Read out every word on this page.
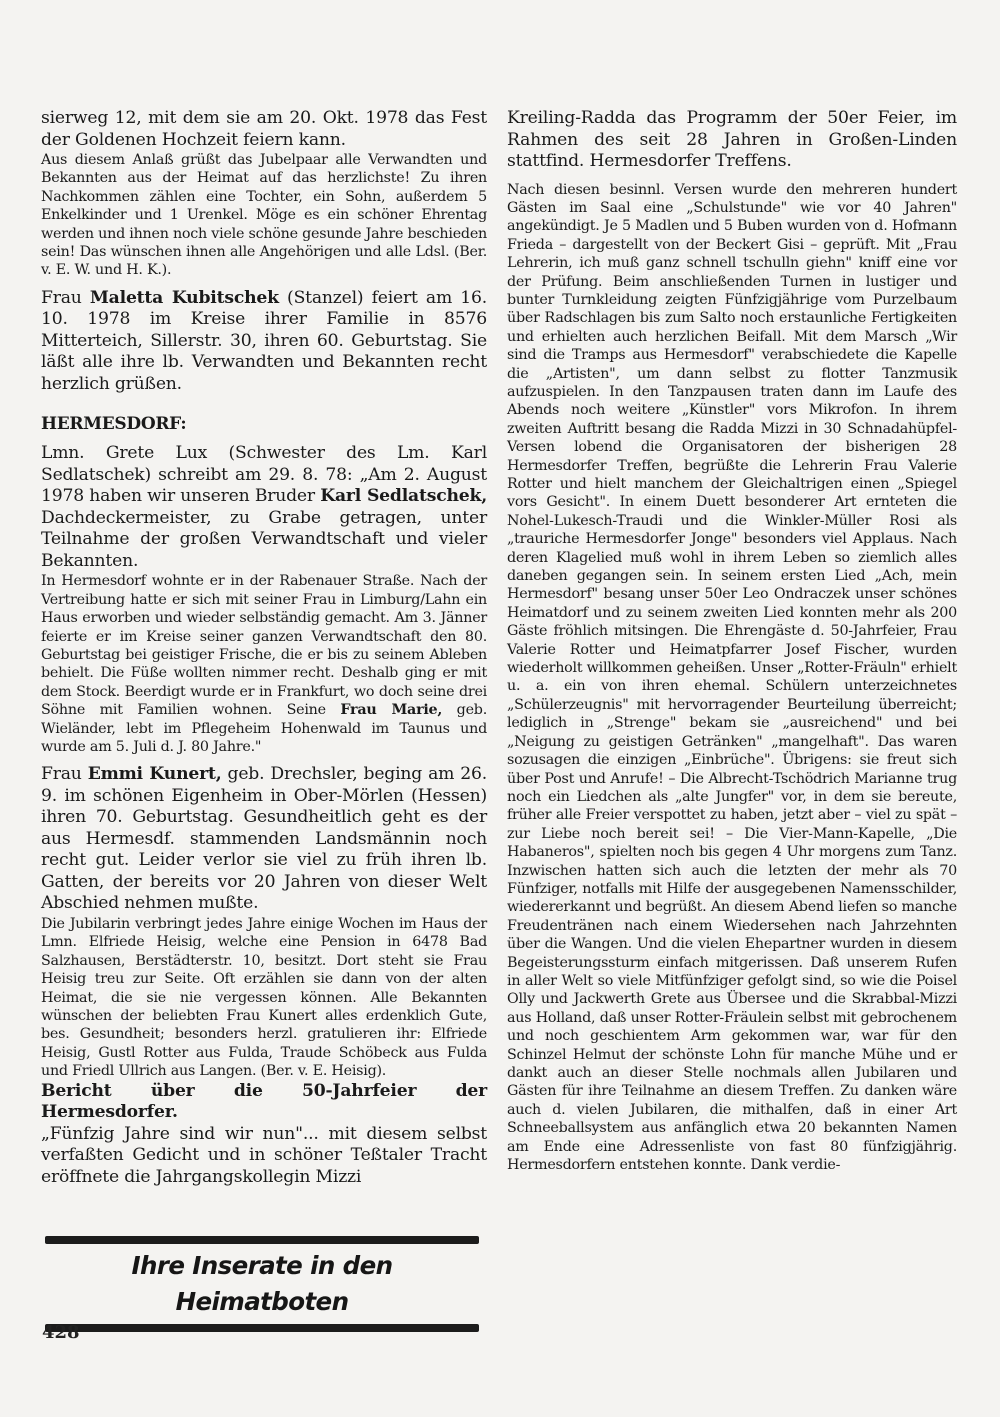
sierweg 12, mit dem sie am 20. Okt. 1978 das Fest der Goldenen Hochzeit feiern kann.

Aus diesem Anlaß grüßt das Jubelpaar alle Verwandten und Bekannten aus der Heimat auf das herzlichste! Zu ihren Nachkommen zählen eine Tochter, ein Sohn, außerdem 5 Enkelkinder und 1 Urenkel. Möge es ein schöner Ehrentag werden und ihnen noch viele schöne gesunde Jahre beschieden sein! Das wünschen ihnen alle Angehörigen und alle Ldsl. (Ber. v. E. W. und H. K.).

Frau Maletta Kubitschek (Stanzel) feiert am 16. 10. 1978 im Kreise ihrer Familie in 8576 Mitterteich, Sillerstr. 30, ihren 60. Geburtstag. Sie läßt alle ihre lb. Verwandten und Bekannten recht herzlich grüßen.

HERMESDORF:

Lmn. Grete Lux (Schwester des Lm. Karl Sedlatschek) schreibt am 29. 8. 78: „Am 2. August 1978 haben wir unseren Bruder Karl Sedlatschek, Dachdeckermeister, zu Grabe getragen, unter Teilnahme der großen Verwandtschaft und vieler Bekannten.

In Hermesdorf wohnte er in der Rabenauer Straße. Nach der Vertreibung hatte er sich mit seiner Frau in Limburg/Lahn ein Haus erworben und wieder selbständig gemacht. Am 3. Jänner feierte er im Kreise seiner ganzen Verwandtschaft den 80. Geburtstag bei geistiger Frische, die er bis zu seinem Ableben behielt. Die Füße wollten nimmer recht. Deshalb ging er mit dem Stock. Beerdigt wurde er in Frankfurt, wo doch seine drei Söhne mit Familien wohnen. Seine Frau Marie, geb. Wieländer, lebt im Pflegeheim Hohenwald im Taunus und wurde am 5. Juli d. J. 80 Jahre."

Frau Emmi Kunert, geb. Drechsler, beging am 26. 9. im schönen Eigenheim in Ober-Mörlen (Hessen) ihren 70. Geburtstag. Gesundheitlich geht es der aus Hermesdf. stammenden Landsmännin noch recht gut. Leider verlor sie viel zu früh ihren lb. Gatten, der bereits vor 20 Jahren von dieser Welt Abschied nehmen mußte.

Die Jubilarin verbringt jedes Jahre einige Wochen im Haus der Lmn. Elfriede Heisig, welche eine Pension in 6478 Bad Salzhausen, Berstädterstr. 10, besitzt. Dort steht sie Frau Heisig treu zur Seite. Oft erzählen sie dann von der alten Heimat, die sie nie vergessen können. Alle Bekannten wünschen der beliebten Frau Kunert alles erdenklich Gute, bes. Gesundheit; besonders herzl. gratulieren ihr: Elfriede Heisig, Gustl Rotter aus Fulda, Traude Schöbeck aus Fulda und Friedl Ullrich aus Langen. (Ber. v. E. Heisig).

Bericht über die 50-Jahrfeier der Hermesdorfer.

„Fünfzig Jahre sind wir nun"... mit diesem selbst verfaßten Gedicht und in schöner Teßtaler Tracht eröffnete die Jahrgangskollegin Mizzi

Ihre Inserate in den Heimatboten
428

Kreiling-Radda das Programm der 50er Feier, im Rahmen des seit 28 Jahren in Großen-Linden stattfind. Hermesdorfer Treffens.

Nach diesen besinnl. Versen wurde den mehreren hundert Gästen im Saal eine „Schulstunde" wie vor 40 Jahren" angekündigt. Je 5 Madlen und 5 Buben wurden von d. Hofmann Frieda – dargestellt von der Beckert Gisi – geprüft. Mit „Frau Lehrerin, ich muß ganz schnell tschulln giehn" kniff eine vor der Prüfung. Beim anschließenden Turnen in lustiger und bunter Turnkleidung zeigten Fünfzigjährige vom Purzelbaum über Radschlagen bis zum Salto noch erstaunliche Fertigkeiten und erhielten auch herzlichen Beifall. Mit dem Marsch „Wir sind die Tramps aus Hermesdorf" verabschiedete die Kapelle die „Artisten", um dann selbst zu flotter Tanzmusik aufzuspielen. In den Tanzpausen traten dann im Laufe des Abends noch weitere „Künstler" vors Mikrofon. In ihrem zweiten Auftritt besang die Radda Mizzi in 30 Schnadahüpfel-Versen lobend die Organisatoren der bisherigen 28 Hermesdorfer Treffen, begrüßte die Lehrerin Frau Valerie Rotter und hielt manchem der Gleichaltrigen einen „Spiegel vors Gesicht". In einem Duett besonderer Art ernteten die Nohel-Lukesch-Traudi und die Winkler-Müller Rosi als „trauriche Hermesdorfer Jonge" besonders viel Applaus. Nach deren Klagelied muß wohl in ihrem Leben so ziemlich alles daneben gegangen sein. In seinem ersten Lied „Ach, mein Hermesdorf" besang unser 50er Leo Ondraczek unser schönes Heimatdorf und zu seinem zweiten Lied konnten mehr als 200 Gäste fröhlich mitsingen. Die Ehrengäste d. 50-Jahrfeier, Frau Valerie Rotter und Heimatpfarrer Josef Fischer, wurden wiederholt willkommen geheißen. Unser „Rotter-Fräuln" erhielt u. a. ein von ihren ehemal. Schülern unterzeichnetes „Schülerzeugnis" mit hervorragender Beurteilung überreicht; lediglich in „Strenge" bekam sie „ausreichend" und bei „Neigung zu geistigen Getränken" „mangelhaft". Das waren sozusagen die einzigen „Einbrüche". Übrigens: sie freut sich über Post und Anrufe! – Die Albrecht-Tschödrich Marianne trug noch ein Liedchen als „alte Jungfer" vor, in dem sie bereute, früher alle Freier verspottet zu haben, jetzt aber – viel zu spät – zur Liebe noch bereit sei! – Die Vier-Mann-Kapelle, „Die Habaneros", spielten noch bis gegen 4 Uhr morgens zum Tanz. Inzwischen hatten sich auch die letzten der mehr als 70 Fünfziger, notfalls mit Hilfe der ausgegebenen Namensschilder, wiedererkannt und begrüßt. An diesem Abend liefen so manche Freudentränen nach einem Wiedersehen nach Jahrzehnten über die Wangen. Und die vielen Ehepartner wurden in diesem Begeisterungssturm einfach mitgerissen. Daß unserem Rufen in aller Welt so viele Mitfünfziger gefolgt sind, so wie die Poisel Olly und Jackwerth Grete aus Übersee und die Skrabbal-Mizzi aus Holland, daß unser Rotter-Fräulein selbst mit gebrochenem und noch geschientem Arm gekommen war, war für den Schinzel Helmut der schönste Lohn für manche Mühe und er dankt auch an dieser Stelle nochmals allen Jubilaren und Gästen für ihre Teilnahme an diesem Treffen. Zu danken wäre auch d. vielen Jubilaren, die mithalfen, daß in einer Art Schneeballsystem aus anfänglich etwa 20 bekannten Namen am Ende eine Adressenliste von fast 80 fünfzigjährig. Hermesdorfern entstehen konnte. Dank verdie-
